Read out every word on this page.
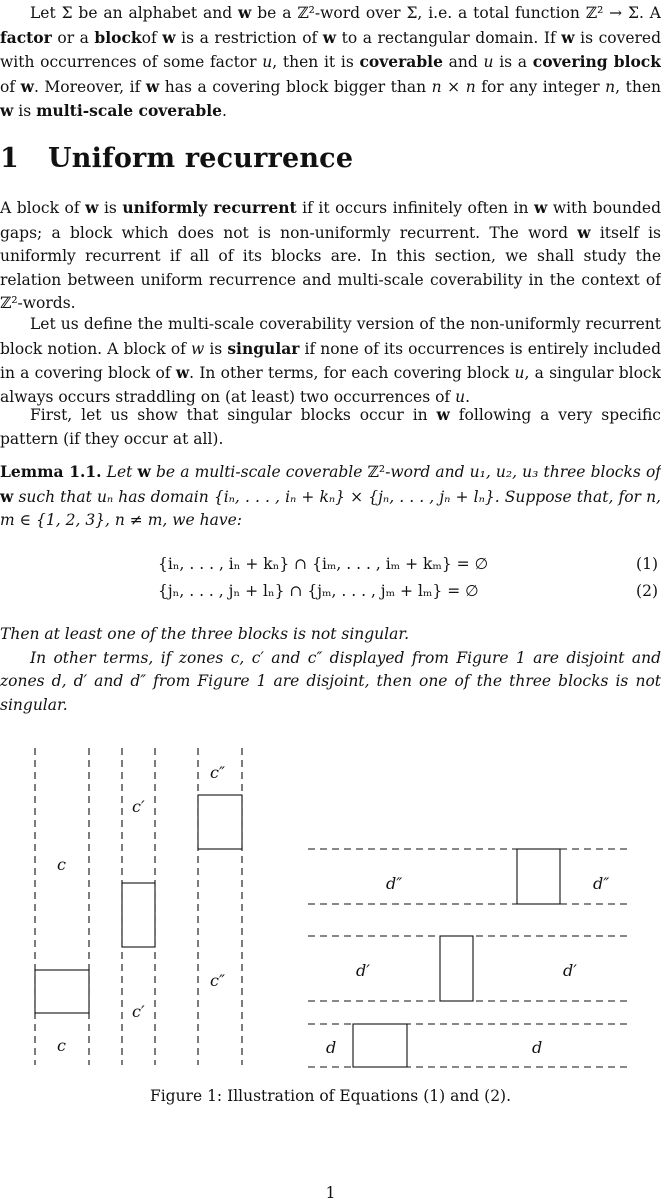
Let Σ be an alphabet and w be a ℤ²-word over Σ, i.e. a total function ℤ² → Σ. A factor or a blockof w is a restriction of w to a rectangular domain. If w is covered with occurrences of some factor u, then it is coverable and u is a covering block of w. Moreover, if w has a covering block bigger than n × n for any integer n, then w is multi-scale coverable.

1 Uniform recurrence

A block of w is uniformly recurrent if it occurs infinitely often in w with bounded gaps; a block which does not is non-uniformly recurrent. The word w itself is uniformly recurrent if all of its blocks are. In this section, we shall study the relation between uniform recurrence and multi-scale coverability in the context of ℤ²-words.

Let us define the multi-scale coverability version of the non-uniformly recurrent block notion. A block of w is singular if none of its occurrences is entirely included in a covering block of w. In other terms, for each covering block u, a singular block always occurs straddling on (at least) two occurrences of u.

First, let us show that singular blocks occur in w following a very specific pattern (if they occur at all).

Lemma 1.1. Let w be a multi-scale coverable ℤ²-word and u₁, u₂, u₃ three blocks of w such that uₙ has domain {iₙ, . . . , iₙ + kₙ} × {jₙ, . . . , jₙ + lₙ}. Suppose that, for n, m ∈ {1, 2, 3}, n ≠ m, we have:

{iₙ, . . . , iₙ + kₙ} ∩ {iₘ, . . . , iₘ + kₘ} = ∅	(1)
{jₙ, . . . , jₙ + lₙ} ∩ {jₘ, . . . , jₘ + lₘ} = ∅	(2)

Then at least one of the three blocks is not singular.

In other terms, if zones c, c′ and c″ displayed from Figure 1 are disjoint and zones d, d′ and d″ from Figure 1 are disjoint, then one of the three blocks is not singular.

c
c
c′
c′
c″
c″
d″	d″
d′	d′
d	d
Figure 1: Illustration of Equations (1) and (2).
1
